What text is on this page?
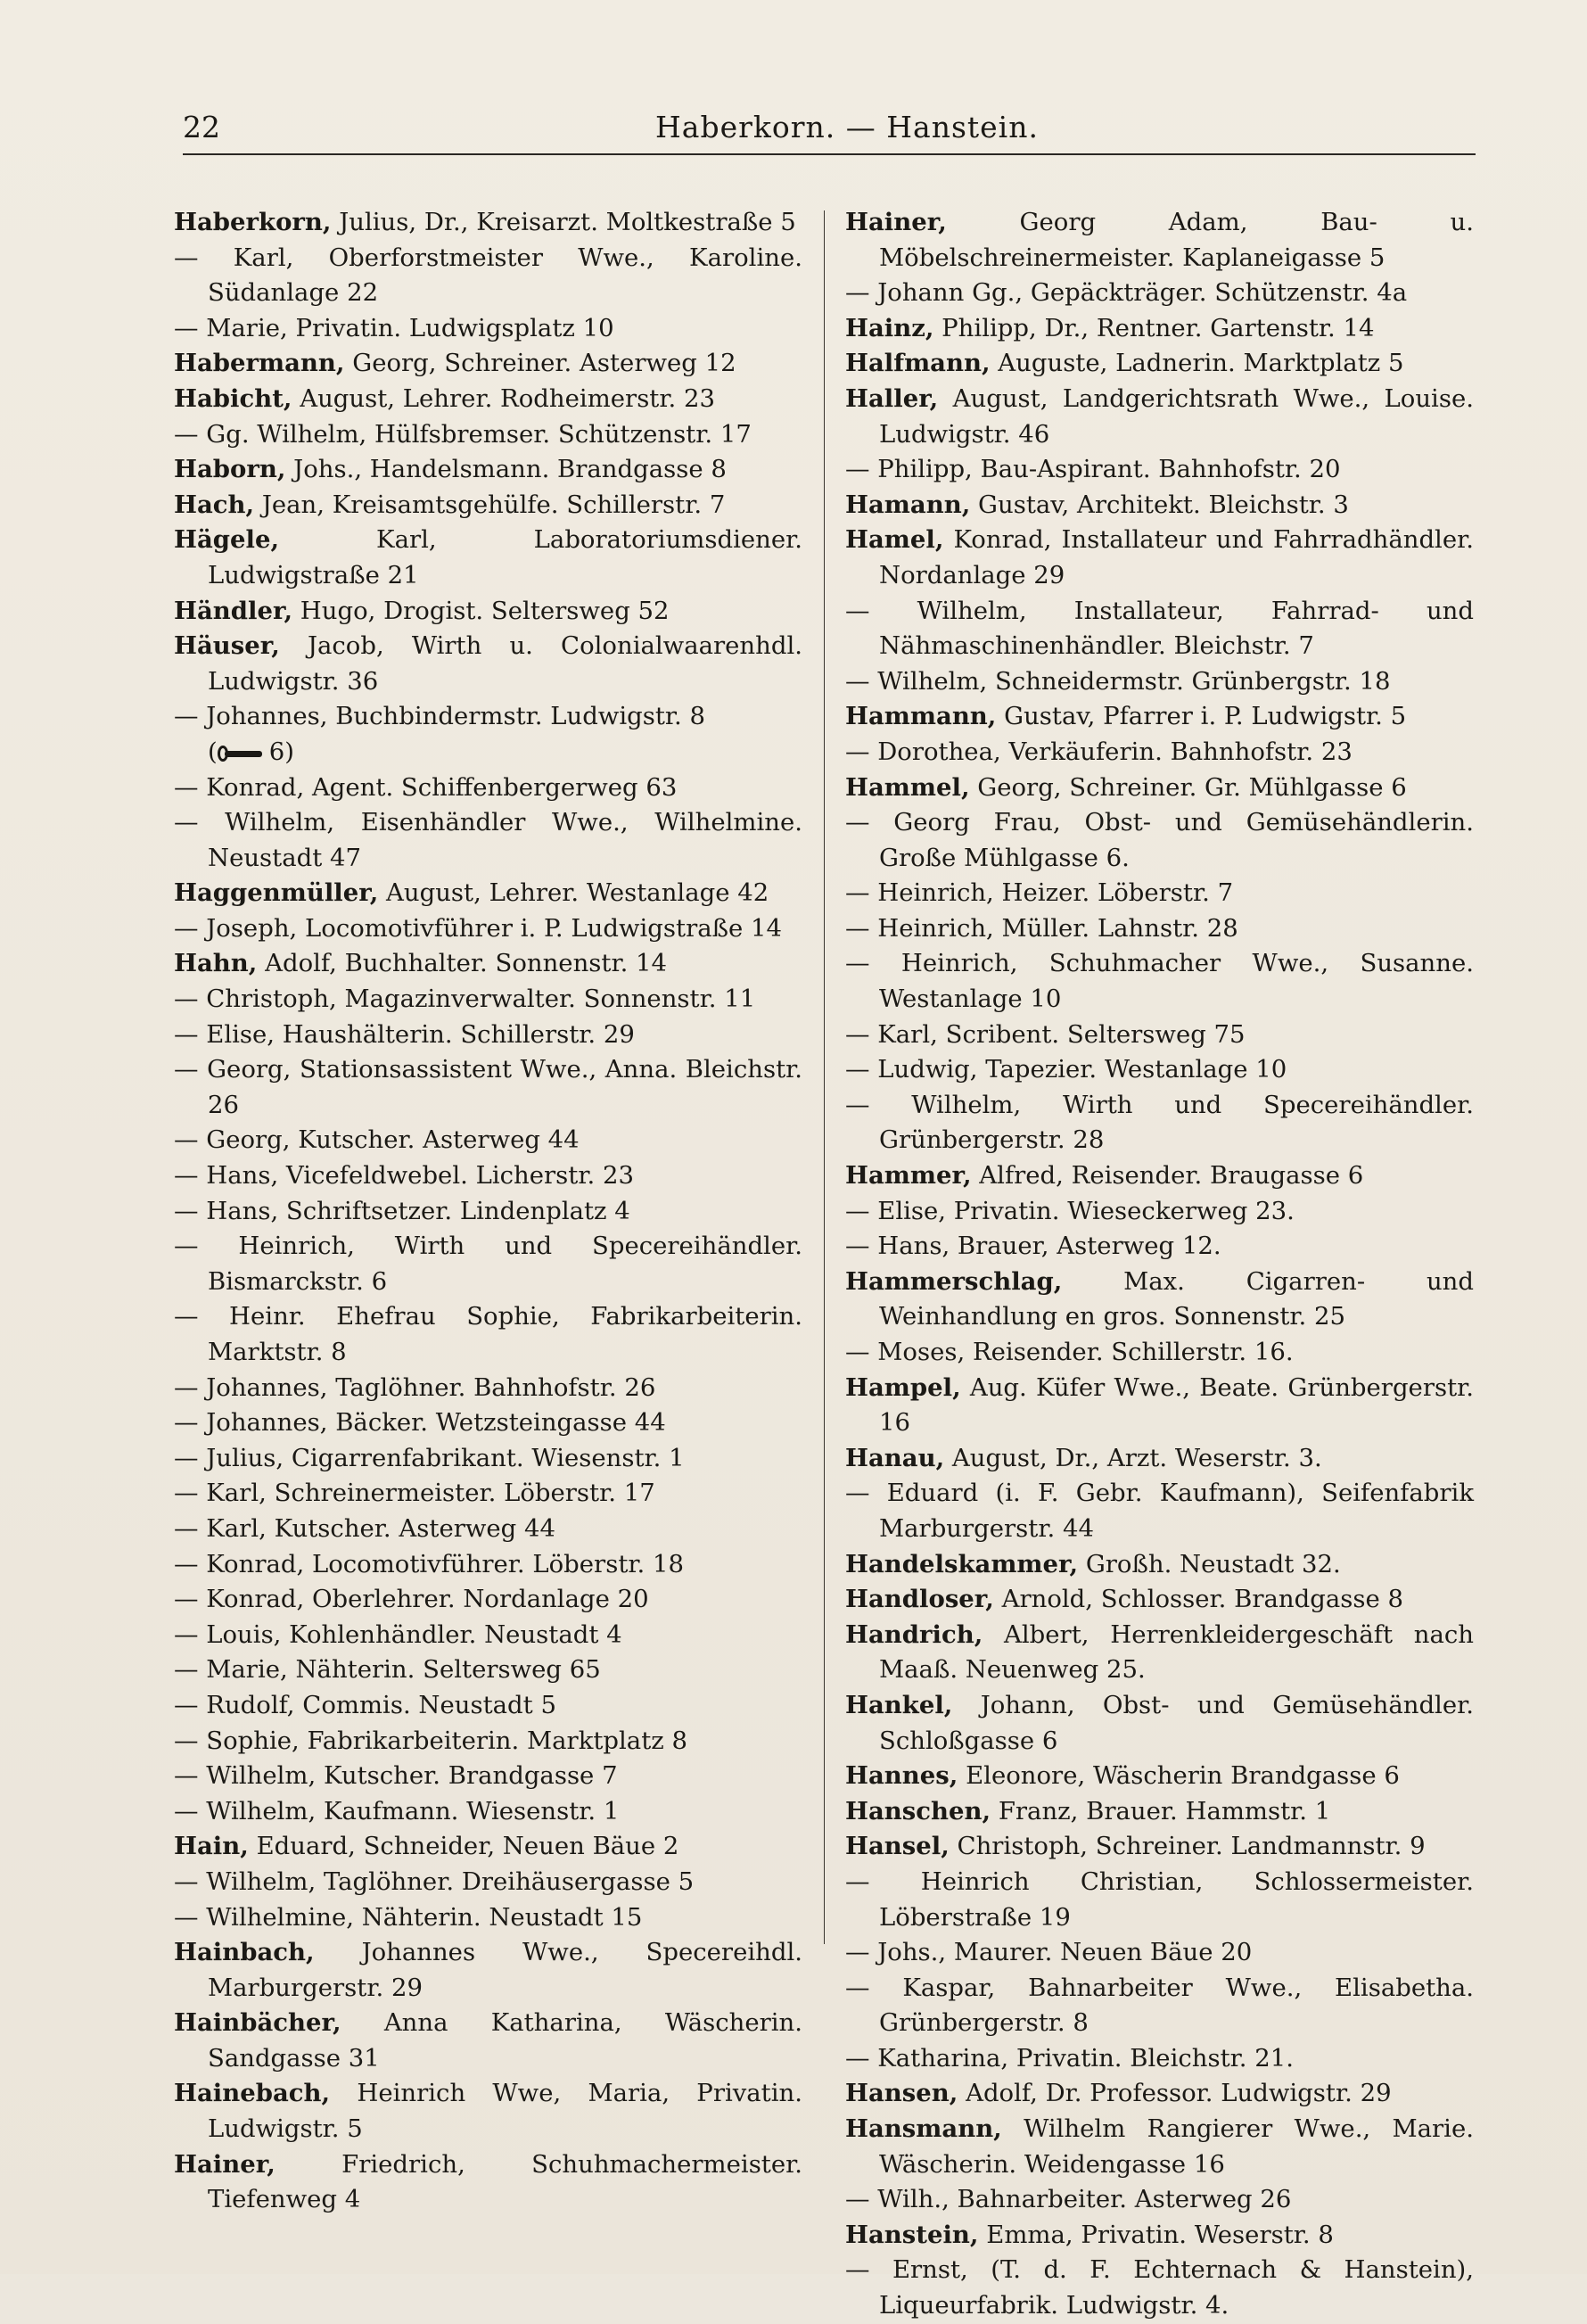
22	Haberkorn. — Hanstein.
Haberkorn, Julius, Dr., Kreisarzt. Moltkestraße 5
— Karl, Oberforstmeister Wwe., Karoline. Südanlage 22
— Marie, Privatin. Ludwigsplatz 10
Habermann, Georg, Schreiner. Asterweg 12
Habicht, August, Lehrer. Rodheimerstr. 23
— Gg. Wilhelm, Hülfsbremser. Schützenstr. 17
Haborn, Johs., Handelsmann. Brandgasse 8
Hach, Jean, Kreisamtsgehülfe. Schillerstr. 7
Hägele, Karl, Laboratoriumsdiener. Ludwigstraße 21
Händler, Hugo, Drogist. Seltersweg 52
Häuser, Jacob, Wirth u. Colonialwaarenhdl. Ludwigstr. 36
— Johannes, Buchbindermstr. Ludwigstr. 8
( 6)
— Konrad, Agent. Schiffenbergerweg 63
— Wilhelm, Eisenhändler Wwe., Wilhelmine. Neustadt 47
Haggenmüller, August, Lehrer. Westanlage 42
— Joseph, Locomotivführer i. P. Ludwigstraße 14
Hahn, Adolf, Buchhalter. Sonnenstr. 14
— Christoph, Magazinverwalter. Sonnenstr. 11
— Elise, Haushälterin. Schillerstr. 29
— Georg, Stationsassistent Wwe., Anna. Bleichstr. 26
— Georg, Kutscher. Asterweg 44
— Hans, Vicefeldwebel. Licherstr. 23
— Hans, Schriftsetzer. Lindenplatz 4
— Heinrich, Wirth und Specereihändler. Bismarckstr. 6
— Heinr. Ehefrau Sophie, Fabrikarbeiterin. Marktstr. 8
— Johannes, Taglöhner. Bahnhofstr. 26
— Johannes, Bäcker. Wetzsteingasse 44
— Julius, Cigarrenfabrikant. Wiesenstr. 1
— Karl, Schreinermeister. Löberstr. 17
— Karl, Kutscher. Asterweg 44
— Konrad, Locomotivführer. Löberstr. 18
— Konrad, Oberlehrer. Nordanlage 20
— Louis, Kohlenhändler. Neustadt 4
— Marie, Nähterin. Seltersweg 65
— Rudolf, Commis. Neustadt 5
— Sophie, Fabrikarbeiterin. Marktplatz 8
— Wilhelm, Kutscher. Brandgasse 7
— Wilhelm, Kaufmann. Wiesenstr. 1
Hain, Eduard, Schneider, Neuen Bäue 2
— Wilhelm, Taglöhner. Dreihäusergasse 5
— Wilhelmine, Nähterin. Neustadt 15
Hainbach, Johannes Wwe., Specereihdl. Marburgerstr. 29
Hainbächer, Anna Katharina, Wäscherin. Sandgasse 31
Hainebach, Heinrich Wwe, Maria, Privatin. Ludwigstr. 5
Hainer, Friedrich, Schuhmachermeister. Tiefenweg 4
Hainer, Georg Adam, Bau- u. Möbelschreinermeister. Kaplaneigasse 5
— Johann Gg., Gepäckträger. Schützenstr. 4a
Hainz, Philipp, Dr., Rentner. Gartenstr. 14
Halfmann, Auguste, Ladnerin. Marktplatz 5
Haller, August, Landgerichtsrath Wwe., Louise. Ludwigstr. 46
— Philipp, Bau-Aspirant. Bahnhofstr. 20
Hamann, Gustav, Architekt. Bleichstr. 3
Hamel, Konrad, Installateur und Fahrradhändler. Nordanlage 29
— Wilhelm, Installateur, Fahrrad- und Nähmaschinenhändler. Bleichstr. 7
— Wilhelm, Schneidermstr. Grünbergstr. 18
Hammann, Gustav, Pfarrer i. P. Ludwigstr. 5
— Dorothea, Verkäuferin. Bahnhofstr. 23
Hammel, Georg, Schreiner. Gr. Mühlgasse 6
— Georg Frau, Obst- und Gemüsehändlerin. Große Mühlgasse 6.
— Heinrich, Heizer. Löberstr. 7
— Heinrich, Müller. Lahnstr. 28
— Heinrich, Schuhmacher Wwe., Susanne. Westanlage 10
— Karl, Scribent. Seltersweg 75
— Ludwig, Tapezier. Westanlage 10
— Wilhelm, Wirth und Specereihändler. Grünbergerstr. 28
Hammer, Alfred, Reisender. Braugasse 6
— Elise, Privatin. Wieseckerweg 23.
— Hans, Brauer, Asterweg 12.
Hammerschlag, Max. Cigarren- und Weinhandlung en gros. Sonnenstr. 25
— Moses, Reisender. Schillerstr. 16.
Hampel, Aug. Küfer Wwe., Beate. Grünbergerstr. 16
Hanau, August, Dr., Arzt. Weserstr. 3.
— Eduard (i. F. Gebr. Kaufmann), Seifenfabrik Marburgerstr. 44
Handelskammer, Großh. Neustadt 32.
Handloser, Arnold, Schlosser. Brandgasse 8
Handrich, Albert, Herrenkleidergeschäft nach Maaß. Neuenweg 25.
Hankel, Johann, Obst- und Gemüsehändler. Schloßgasse 6
Hannes, Eleonore, Wäscherin Brandgasse 6
Hanschen, Franz, Brauer. Hammstr. 1
Hansel, Christoph, Schreiner. Landmannstr. 9
— Heinrich Christian, Schlossermeister. Löberstraße 19
— Johs., Maurer. Neuen Bäue 20
— Kaspar, Bahnarbeiter Wwe., Elisabetha. Grünbergerstr. 8
— Katharina, Privatin. Bleichstr. 21.
Hansen, Adolf, Dr. Professor. Ludwigstr. 29
Hansmann, Wilhelm Rangierer Wwe., Marie. Wäscherin. Weidengasse 16
— Wilh., Bahnarbeiter. Asterweg 26
Hanstein, Emma, Privatin. Weserstr. 8
— Ernst, (T. d. F. Echternach & Hanstein), Liqueurfabrik. Ludwigstr. 4.
